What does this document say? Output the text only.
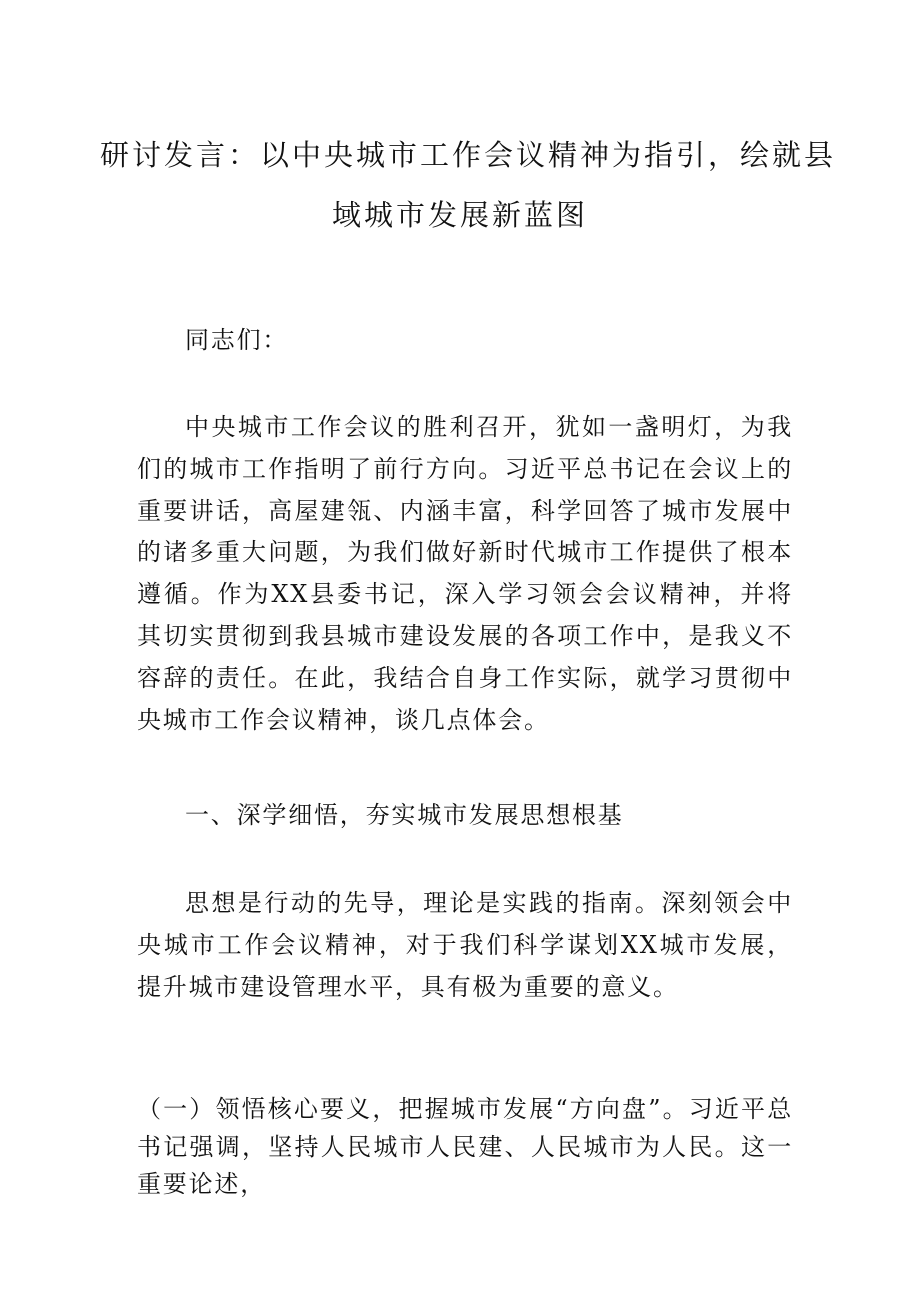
研讨发言：以中央城市工作会议精神为指引，绘就县
域城市发展新蓝图

同志们：

中央城市工作会议的胜利召开，犹如一盏明灯，为我们的城市工作指明了前行方向。习近平总书记在会议上的重要讲话，高屋建瓴、内涵丰富，科学回答了城市发展中的诸多重大问题，为我们做好新时代城市工作提供了根本遵循。作为XX县委书记，深入学习领会会议精神，并将其切实贯彻到我县城市建设发展的各项工作中，是我义不容辞的责任。在此，我结合自身工作实际，就学习贯彻中央城市工作会议精神，谈几点体会。

一、深学细悟，夯实城市发展思想根基

思想是行动的先导，理论是实践的指南。深刻领会中央城市工作会议精神，对于我们科学谋划XX城市发展，提升城市建设管理水平，具有极为重要的意义。

（一）领悟核心要义，把握城市发展“方向盘”。习近平总书记强调，坚持人民城市人民建、人民城市为人民。这一重要论述，
